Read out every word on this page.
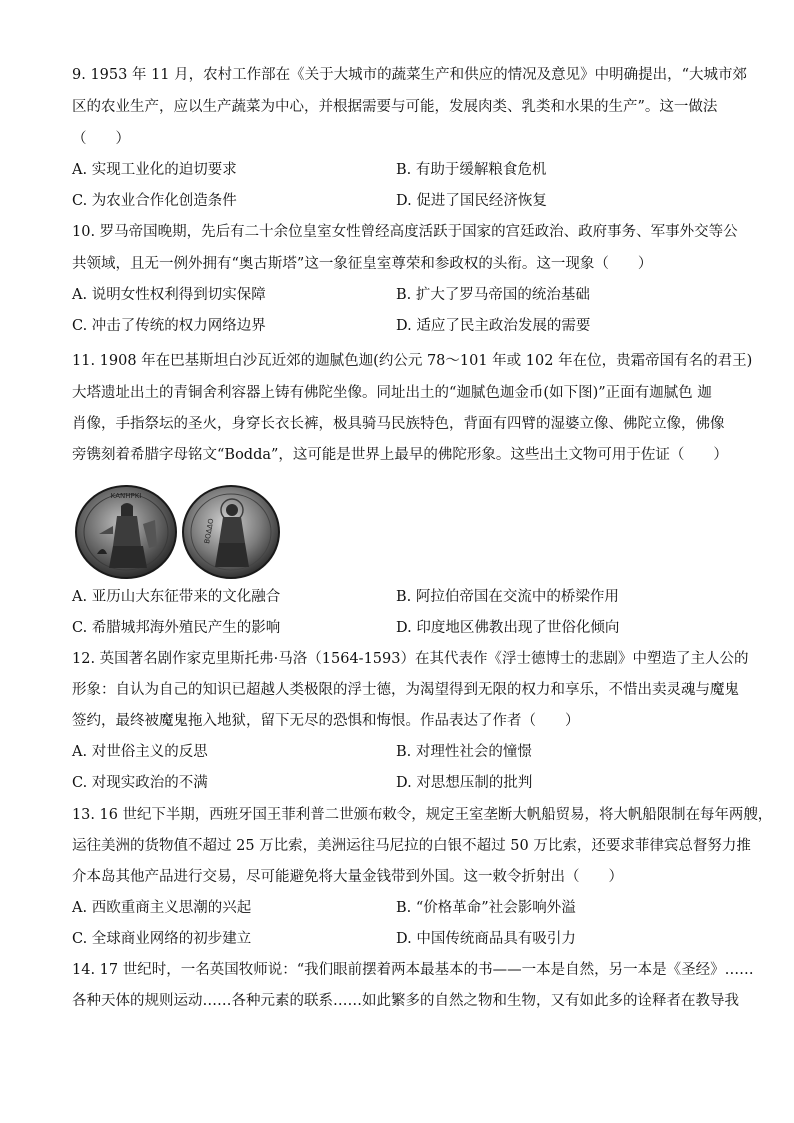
9. 1953 年 11 月，农村工作部在《关于大城市的蔬菜生产和供应的情况及意见》中明确提出，“大城市郊
区的农业生产，应以生产蔬菜为中心，并根据需要与可能，发展肉类、乳类和水果的生产”。这一做法
（　　）
A. 实现工业化的迫切要求	B. 有助于缓解粮食危机
C. 为农业合作化创造条件	D. 促进了国民经济恢复
10. 罗马帝国晚期，先后有二十余位皇室女性曾经高度活跃于国家的宫廷政治、政府事务、军事外交等公
共领域，且无一例外拥有“奥古斯塔”这一象征皇室尊荣和参政权的头衔。这一现象（　　）
A. 说明女性权利得到切实保障	B. 扩大了罗马帝国的统治基础
C. 冲击了传统的权力网络边界	D. 适应了民主政治发展的需要
11. 1908 年在巴基斯坦白沙瓦近郊的迦腻色迦(约公元 78～101 年或 102 年在位，贵霜帝国有名的君王)
大塔遗址出土的青铜舍利容器上铸有佛陀坐像。同址出土的“迦腻色迦金币(如下图)”正面有迦腻色 迦
肖像，手指祭坛的圣火，身穿长衣长裤，极具骑马民族特色，背面有四臂的湿婆立像、佛陀立像，佛像
旁镌刻着希腊字母铭文“Bodda”，这可能是世界上最早的佛陀形象。这些出土文物可用于佐证（　　）
ΚΑΝΗΡΚΙ
ΒΟΔΔΟ
A. 亚历山大东征带来的文化融合	B. 阿拉伯帝国在交流中的桥梁作用
C. 希腊城邦海外殖民产生的影响	D. 印度地区佛教出现了世俗化倾向
12. 英国著名剧作家克里斯托弗·马洛（1564-1593）在其代表作《浮士德博士的悲剧》中塑造了主人公的
形象：自认为自己的知识已超越人类极限的浮士德，为渴望得到无限的权力和享乐，不惜出卖灵魂与魔鬼
签约，最终被魔鬼拖入地狱，留下无尽的恐惧和悔恨。作品表达了作者（　　）
A. 对世俗主义的反思	B. 对理性社会的憧憬
C. 对现实政治的不满	D. 对思想压制的批判
13. 16 世纪下半期，西班牙国王菲利普二世颁布敕令，规定王室垄断大帆船贸易，将大帆船限制在每年两艘，
运往美洲的货物值不超过 25 万比索，美洲运往马尼拉的白银不超过 50 万比索，还要求菲律宾总督努力推
介本岛其他产品进行交易，尽可能避免将大量金钱带到外国。这一敕令折射出（　　）
A. 西欧重商主义思潮的兴起	B. “价格革命”社会影响外溢
C. 全球商业网络的初步建立	D. 中国传统商品具有吸引力
14. 17 世纪时，一名英国牧师说：“我们眼前摆着两本最基本的书——一本是自然，另一本是《圣经》……
各种天体的规则运动……各种元素的联系……如此繁多的自然之物和生物，又有如此多的诠释者在教导我
